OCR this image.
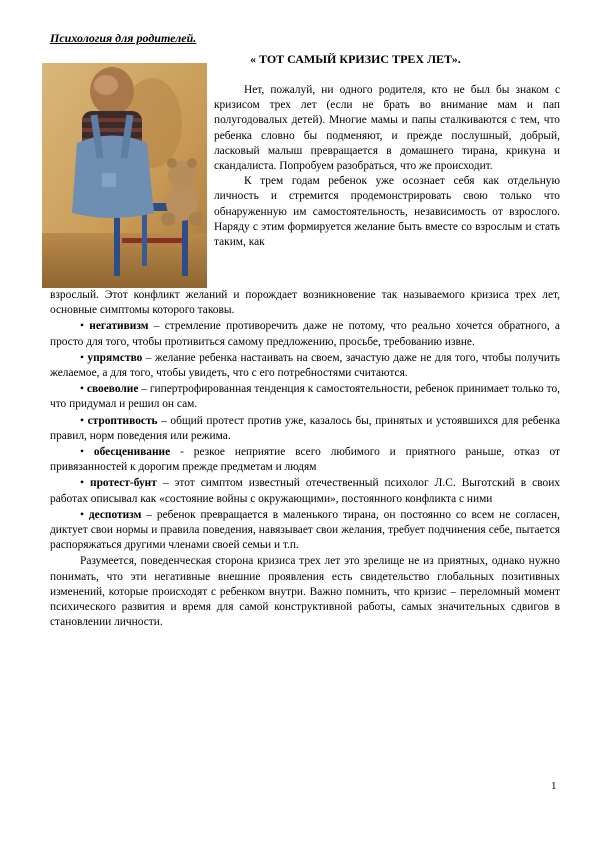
Психология для родителей.
« ТОТ САМЫЙ КРИЗИС ТРЕХ ЛЕТ».

Нет, пожалуй, ни одного родителя, кто не был бы знаком с кризисом трех лет (если не брать во внимание мам и пап полугодовалых детей). Многие мамы и папы сталкиваются с тем, что ребенка словно бы подменяют, и прежде послушный, добрый, ласковый малыш превращается в домашнего тирана, крикуна и скандалиста. Попробуем разобраться, что же происходит.

К трем годам ребенок уже осознает себя как отдельную личность и стремится продемонстрировать свою только что обнаруженную им самостоятельность, независимость от взрослого. Наряду с этим формируется желание быть вместе со взрослым и стать таким, как

взрослый. Этот конфликт желаний и порождает возникновение так называемого кризиса трех лет, основные симптомы которого таковы.

• негативизм – стремление противоречить даже не потому, что реально хочется обратного, а просто для того, чтобы противиться самому предложению, просьбе, требованию извне.

• упрямство – желание ребенка настаивать на своем, зачастую даже не для того, чтобы получить желаемое, а для того, чтобы увидеть, что с его потребностями считаются.

• своеволие – гипертрофированная тенденция к самостоятельности, ребенок принимает только то, что придумал и решил он сам.

• строптивость – общий протест против уже, казалось бы, принятых и устоявшихся для ребенка правил, норм поведения или режима.

• обесценивание - резкое неприятие всего любимого и приятного раньше, отказ от привязанностей к дорогим прежде предметам и людям

• протест-бунт – этот симптом известный отечественный психолог Л.С. Выготский в своих работах описывал как «состояние войны с окружающими», постоянного конфликта с ними

• деспотизм – ребенок превращается в маленького тирана, он постоянно со всем не согласен, диктует свои нормы и правила поведения, навязывает свои желания, требует подчинения себе, пытается распоряжаться другими членами своей семьи и т.п.

Разумеется, поведенческая сторона кризиса трех лет это зрелище не из приятных, однако нужно понимать, что эти негативные внешние проявления есть свидетельство глобальных позитивных изменений, которые происходят с ребенком внутри. Важно помнить, что кризис – переломный момент психического развития и время для самой конструктивной работы, самых значительных сдвигов в становлении личности.

1
